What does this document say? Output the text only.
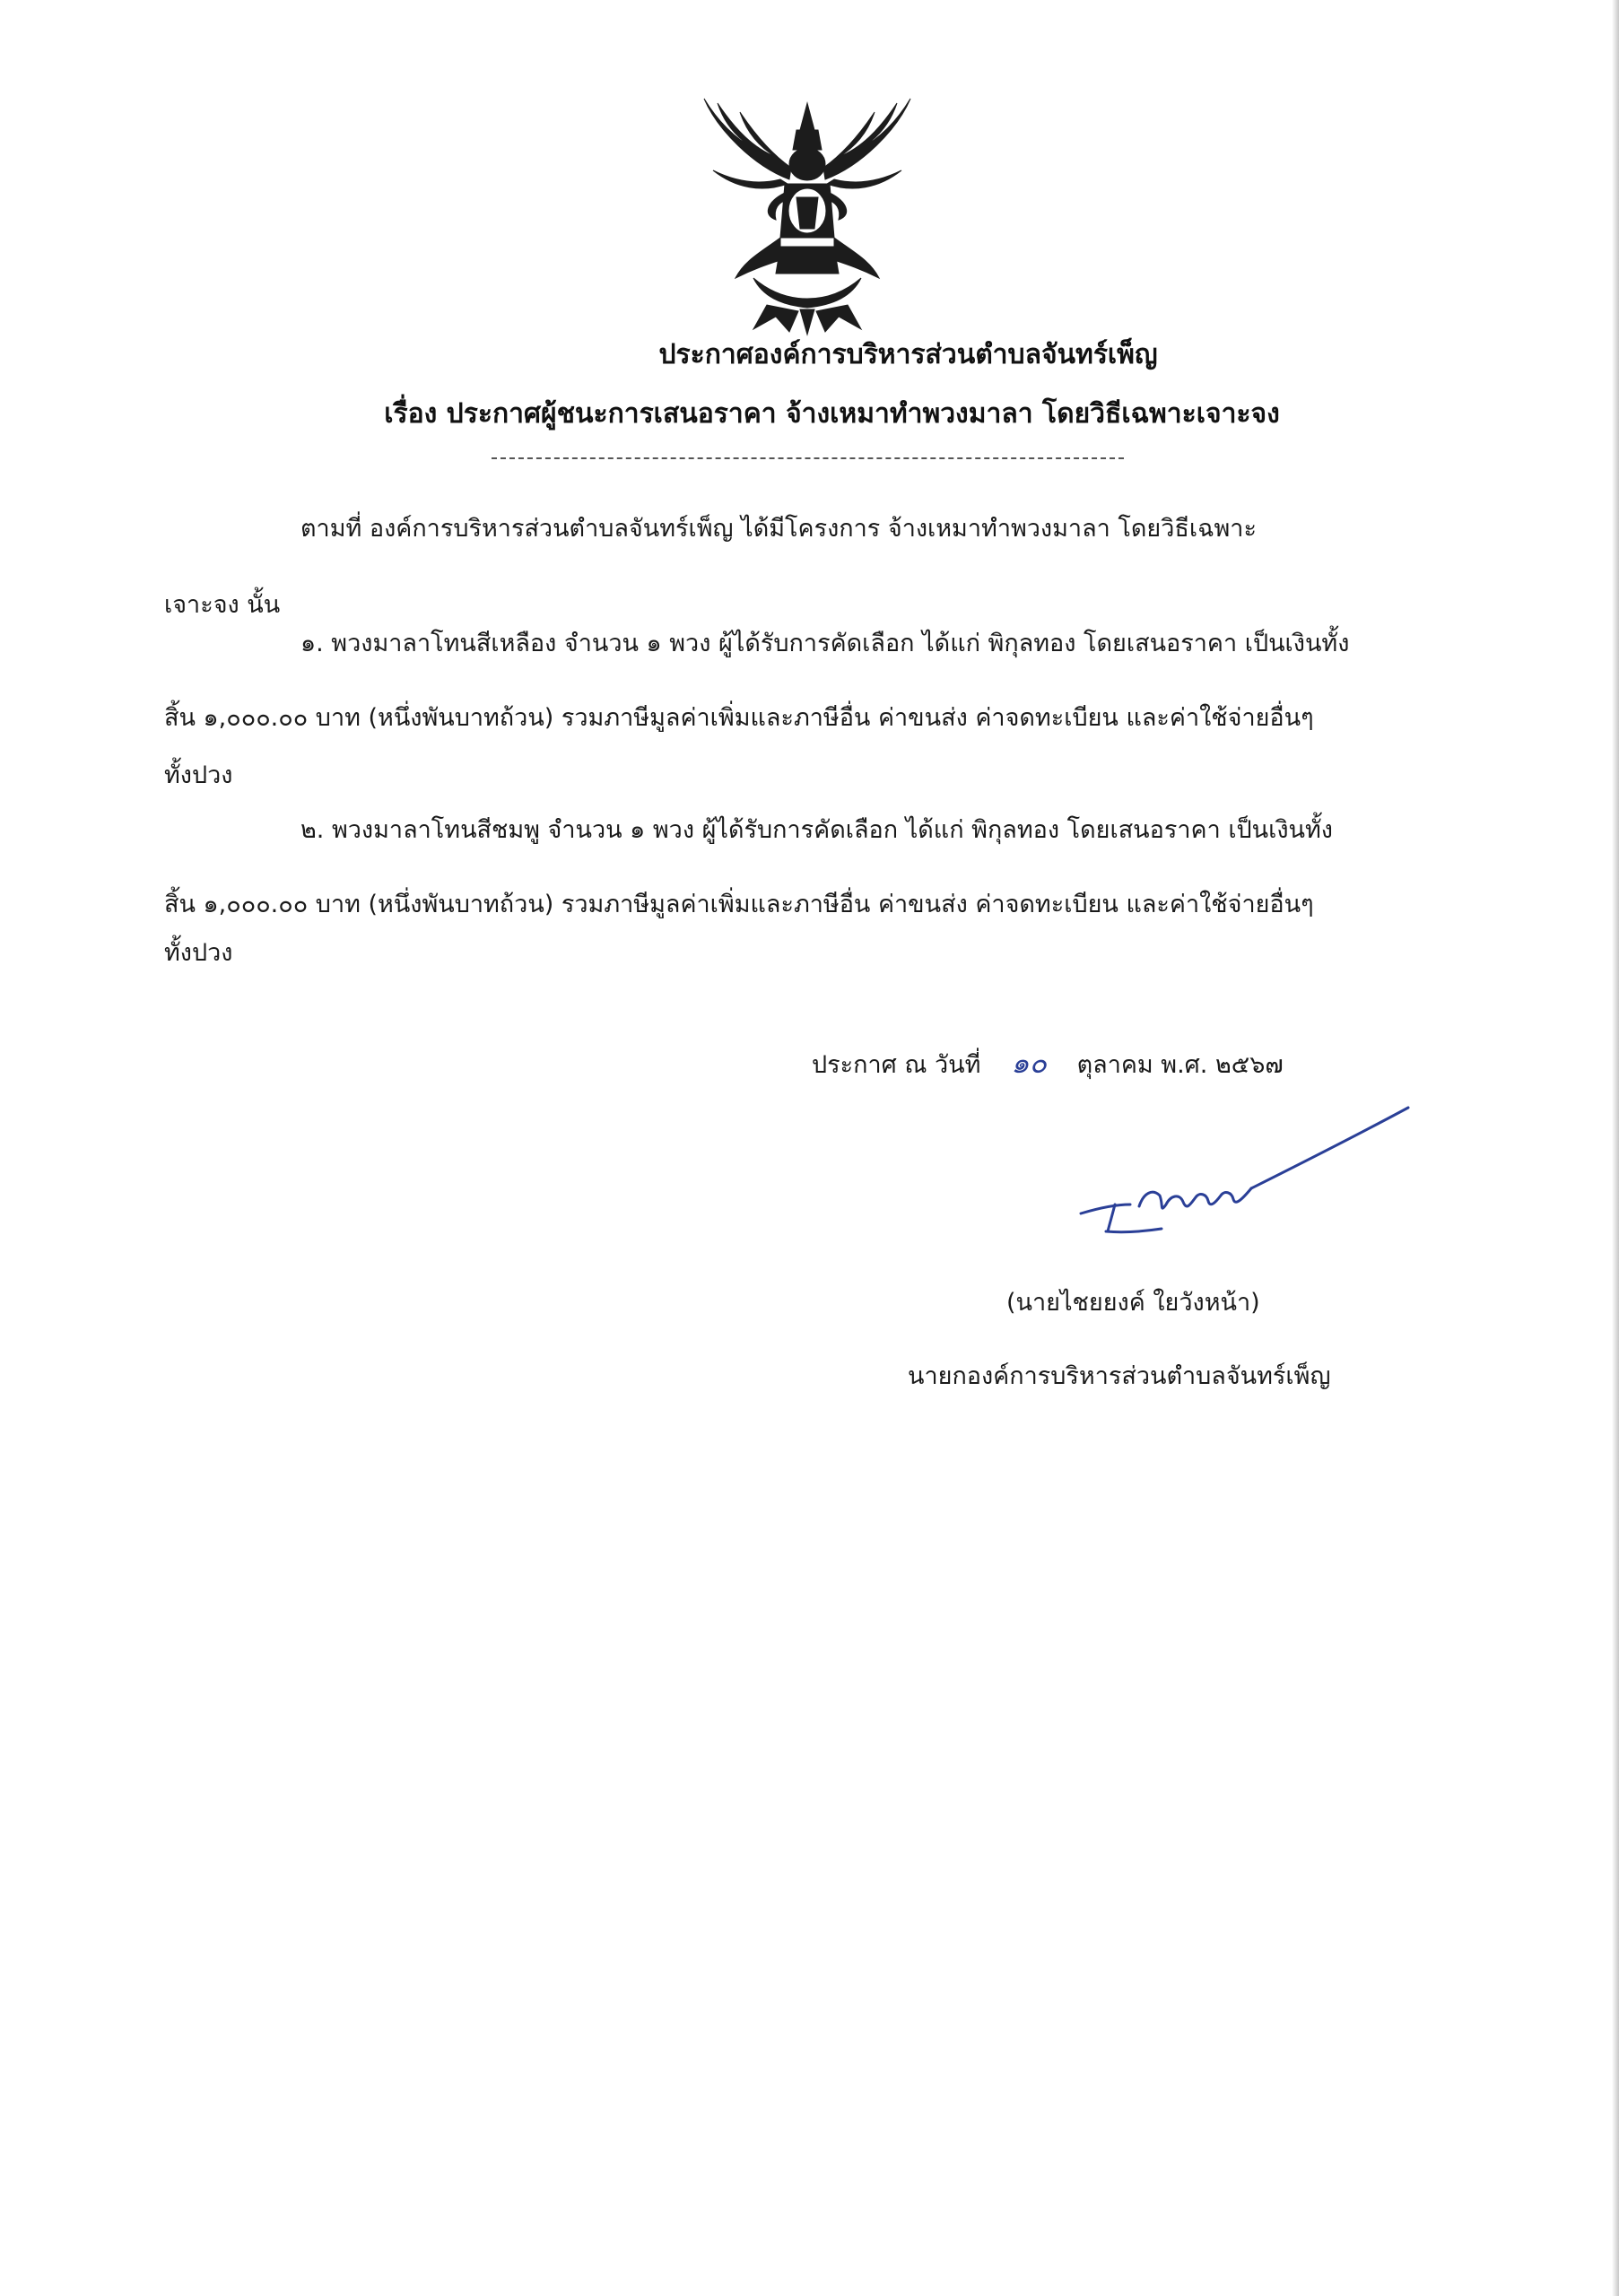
ประกาศองค์การบริหารส่วนตำบลจันทร์เพ็ญ
เรื่อง ประกาศผู้ชนะการเสนอราคา จ้างเหมาทำพวงมาลา โดยวิธีเฉพาะเจาะจง
ตามที่ องค์การบริหารส่วนตำบลจันทร์เพ็ญ ได้มีโครงการ จ้างเหมาทำพวงมาลา โดยวิธีเฉพาะ
เจาะจง นั้น
๑. พวงมาลาโทนสีเหลือง จำนวน ๑ พวง ผู้ได้รับการคัดเลือก ได้แก่ พิกุลทอง โดยเสนอราคา เป็นเงินทั้ง
สิ้น ๑,๐๐๐.๐๐ บาท (หนึ่งพันบาทถ้วน) รวมภาษีมูลค่าเพิ่มและภาษีอื่น ค่าขนส่ง ค่าจดทะเบียน และค่าใช้จ่ายอื่นๆ
ทั้งปวง
๒. พวงมาลาโทนสีชมพู จำนวน ๑ พวง ผู้ได้รับการคัดเลือก ได้แก่ พิกุลทอง โดยเสนอราคา เป็นเงินทั้ง
สิ้น ๑,๐๐๐.๐๐ บาท (หนึ่งพันบาทถ้วน) รวมภาษีมูลค่าเพิ่มและภาษีอื่น ค่าขนส่ง ค่าจดทะเบียน และค่าใช้จ่ายอื่นๆ
ทั้งปวง
ประกาศ ณ วันที่ ๑๐ ตุลาคม พ.ศ. ๒๕๖๗
(นายไชยยงค์ ใยวังหน้า)
นายกองค์การบริหารส่วนตำบลจันทร์เพ็ญ
